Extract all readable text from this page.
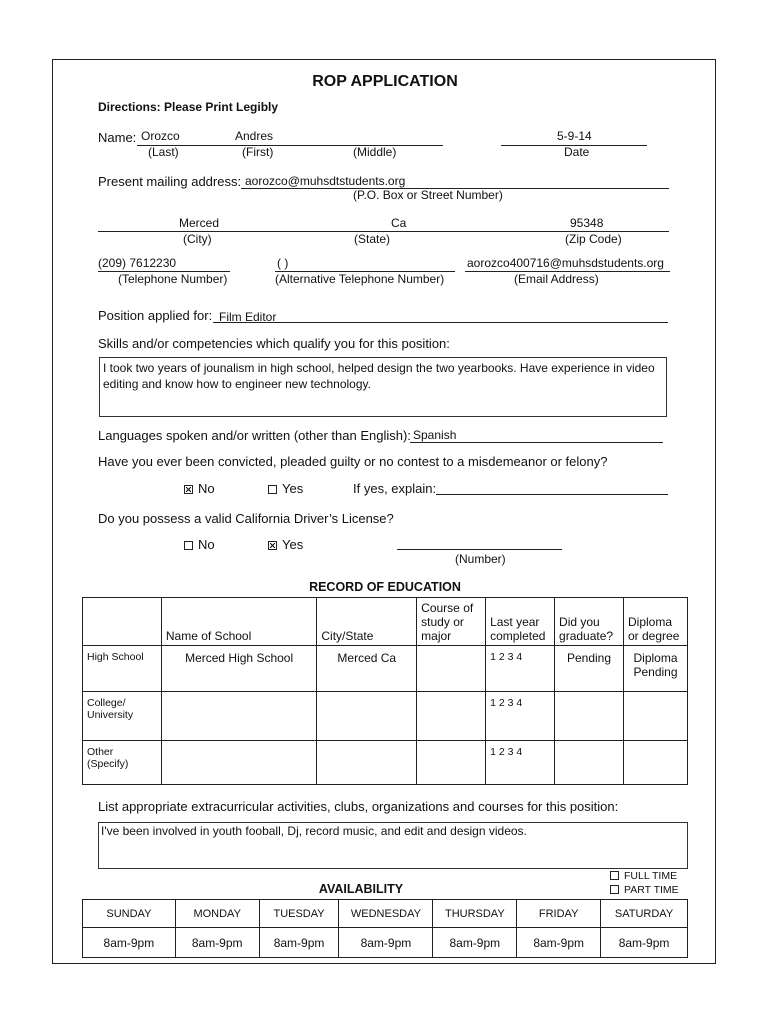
ROP APPLICATION
Directions: Please Print Legibly
Name: Orozco	Andres	5-9-14
(Last)	(First)	(Middle)	Date
Present mailing address: aorozco@muhsdtstudents.org
(P.O. Box or Street Number)
Merced	Ca	95348
(City)	(State)	(Zip Code)
(209) 7612230	( )	aorozco400716@muhsdstudents.org
(Telephone Number)	(Alternative Telephone Number)	(Email Address)
Position applied for: Film Editor
Skills and/or competencies which qualify you for this position:
I took two years of jounalism in high school, helped design the two yearbooks. Have experience in video editing and know how to engineer new technology.
Languages spoken and/or written (other than English): Spanish
Have you ever been convicted, pleaded guilty or no contest to a misdemeanor or felony?
No	Yes	If yes, explain:
Do you possess a valid California Driver’s License?
No	Yes
(Number)
RECORD OF EDUCATION
	Name of School	City/State	Course of study or major	Last year completed	Did you graduate?	Diploma or degree
High School	Merced High School	Merced Ca		1 2 3 4	Pending	Diploma Pending
College/ University				1 2 3 4		
Other (Specify)				1 2 3 4		
List appropriate extracurricular activities, clubs, organizations and courses for this position:
I've been involved in youth fooball, Dj, record music, and edit and design videos.
FULL TIME
PART TIME
AVAILABILITY
SUNDAY	MONDAY	TUESDAY	WEDNESDAY	THURSDAY	FRIDAY	SATURDAY
8am-9pm	8am-9pm	8am-9pm	8am-9pm	8am-9pm	8am-9pm	8am-9pm
